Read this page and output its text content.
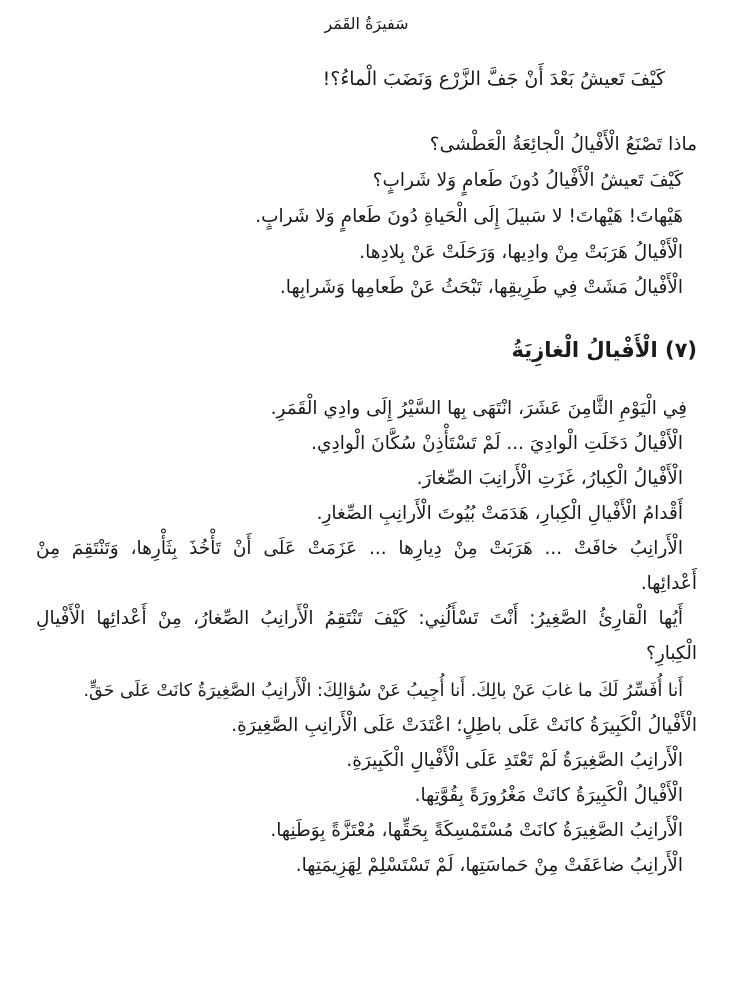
سَفيرَةُ القَمَر
كَيْفَ تَعيشُ بَعْدَ أَنْ جَفَّ الزَّرْع وَنَضَبَ الْماءُ؟!
ماذا تَصْنَعُ الْأَفْيالُ الْجائِعَةُ الْعَطْشى؟
كَيْفَ تَعيشُ الْأَفْيالُ دُونَ طَعامٍ وَلا شَرابٍ؟
هَيْهاتَ! هَيْهاتَ! لا سَبيلَ إِلَى الْحَياةِ دُونَ طَعامٍ وَلا شَرابٍ.
الْأَفْيالُ هَرَبَتْ مِنْ وادِيها، وَرَحَلَتْ عَنْ بِلادِها.
الْأَفْيالُ مَشَتْ فِي طَرِيقِها، تَبْحَثُ عَنْ طَعامِها وَشَرابِها.
(٧) الْأَفْيالُ الْغازِيَةُ
فِي الْيَوْمِ الثَّامِنَ عَشَرَ، انْتَهَى بِها السَّيْرُ إِلَى وادِي الْقَمَرِ.
الْأَفْيالُ دَخَلَتِ الْوادِيَ ... لَمْ تَسْتَأْذِنْ سُكَّانَ الْوادِي.
الْأَفْيالُ الْكِبارُ، غَزَتِ الْأَرانِبَ الصِّغارَ.
أَقْدامُ الْأَفْيالِ الْكِبارِ، هَدَمَتْ بُيُوتَ الْأَرانِبِ الصِّغارِ.
الْأَرانِبُ خافَتْ ... هَرَبَتْ مِنْ دِيارِها ... عَزَمَتْ عَلَى أَنْ تَأْخُذَ بِثَأْرِها، وَتَنْتَقِمَ مِنْ
أَعْدائِها.
أَيُها الْقارِئُ الصَّغِيرُ: أَنْتَ تَسْأَلُنِي: كَيْفَ تَنْتَقِمُ الْأَرانِبُ الصِّغارُ، مِنْ أَعْدائِها الْأَفْيالِ
الْكِبارِ؟
أَنا أُفَسِّرُ لَكَ ما غابَ عَنْ بالِكَ. أَنا أُجِيبُ عَنْ سُؤالِكَ: الْأَرانِبُ الصَّغِيرَةُ كانَتْ عَلَى حَقٍّ.
الْأَفْيالُ الْكَبِيرَةُ كانَتْ عَلَى باطِلٍ؛ اعْتَدَتْ عَلَى الْأَرانِبِ الصَّغِيرَةِ.
الْأَرانِبُ الصَّغِيرَةُ لَمْ تَعْتَدِ عَلَى الْأَفْيالِ الْكَبِيرَةِ.
الْأَفْيالُ الْكَبِيرَةُ كانَتْ مَغْرُورَةً بِقُوَّتِها.
الْأَرانِبُ الصَّغِيرَةُ كانَتْ مُسْتَمْسِكَةً بِحَقِّها، مُعْتَزَّةً بِوَطَنِها.
الْأَرانِبُ ضاعَفَتْ مِنْ حَماسَتِها، لَمْ تَسْتَسْلِمْ لِهَزِيمَتِها.
